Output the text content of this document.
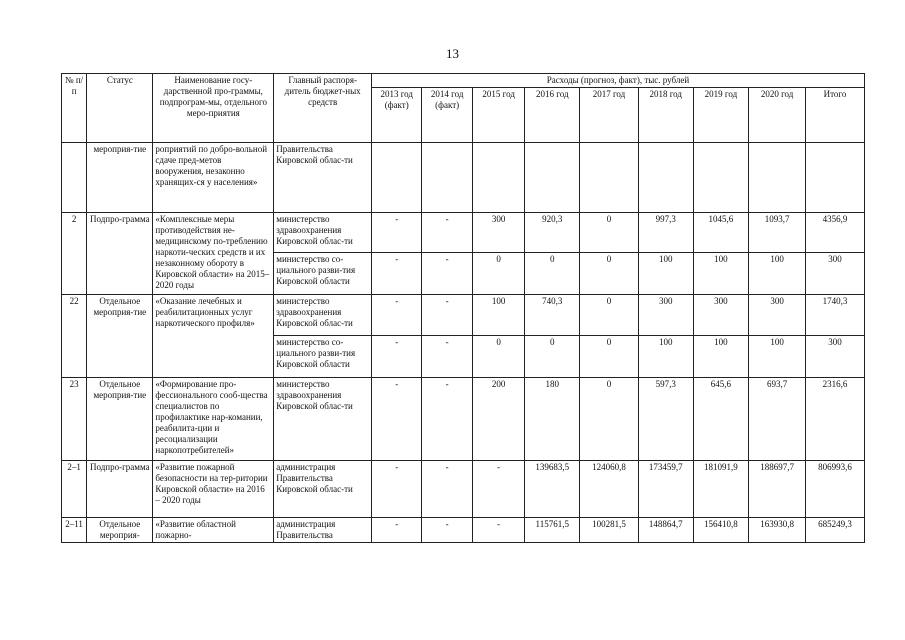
13
№ п/п	Статус	Наименование госу-дарственной про-граммы, подпрограм-мы, отдельного меро-приятия	Главный распоря-дитель бюджет-ных средств	Расходы (прогноз, факт), тыс. рублей								
				2013 год (факт)	2014 год (факт)	2015 год	2016 год	2017 год	2018 год	2019 год	2020 год	Итого
	мероприя-тие	роприятий по добро-вольной сдаче пред-метов вооружения, незаконно хранящих-ся у населения»	Правительства Кировской облас-ти									
2	Подпро-грамма	«Комплексные меры противодействия не-медицинскому по-треблению наркоти-ческих средств и их незаконному обороту в Кировской области» на 2015– 2020 годы	министерство здравоохранения Кировской облас-ти	-	-	300	920,3	0	997,3	1045,6	1093,7	4356,9
			министерство со-циального разви-тия Кировской области	-	-	0	0	0	100	100	100	300
22	Отдельное мероприя-тие	«Оказание лечебных и реабилитационных услуг наркотического профиля»	министерство здравоохранения Кировской облас-ти	-	-	100	740,3	0	300	300	300	1740,3
			министерство со-циального разви-тия Кировской области	-	-	0	0	0	100	100	100	300
23	Отдельное мероприя-тие	«Формирование про-фессионального сооб-щества специалистов по профилактике нар-комании, реабилита-ции и ресоциализации наркопотребителей»	министерство здравоохранения Кировской облас-ти	-	-	200	180	0	597,3	645,6	693,7	2316,6
2–1	Подпро-грамма	«Развитие пожарной безопасности на тер-ритории Кировской области» на 2016 – 2020 годы	администрация Правительства Кировской облас-ти	-	-	-	139683,5	124060,8	173459,7	181091,9	188697,7	806993,6
2–11	Отдельное мероприя-	«Развитие областной пожарно-	администрация Правительства	-	-	-	115761,5	100281,5	148864,7	156410,8	163930,8	685249,3
